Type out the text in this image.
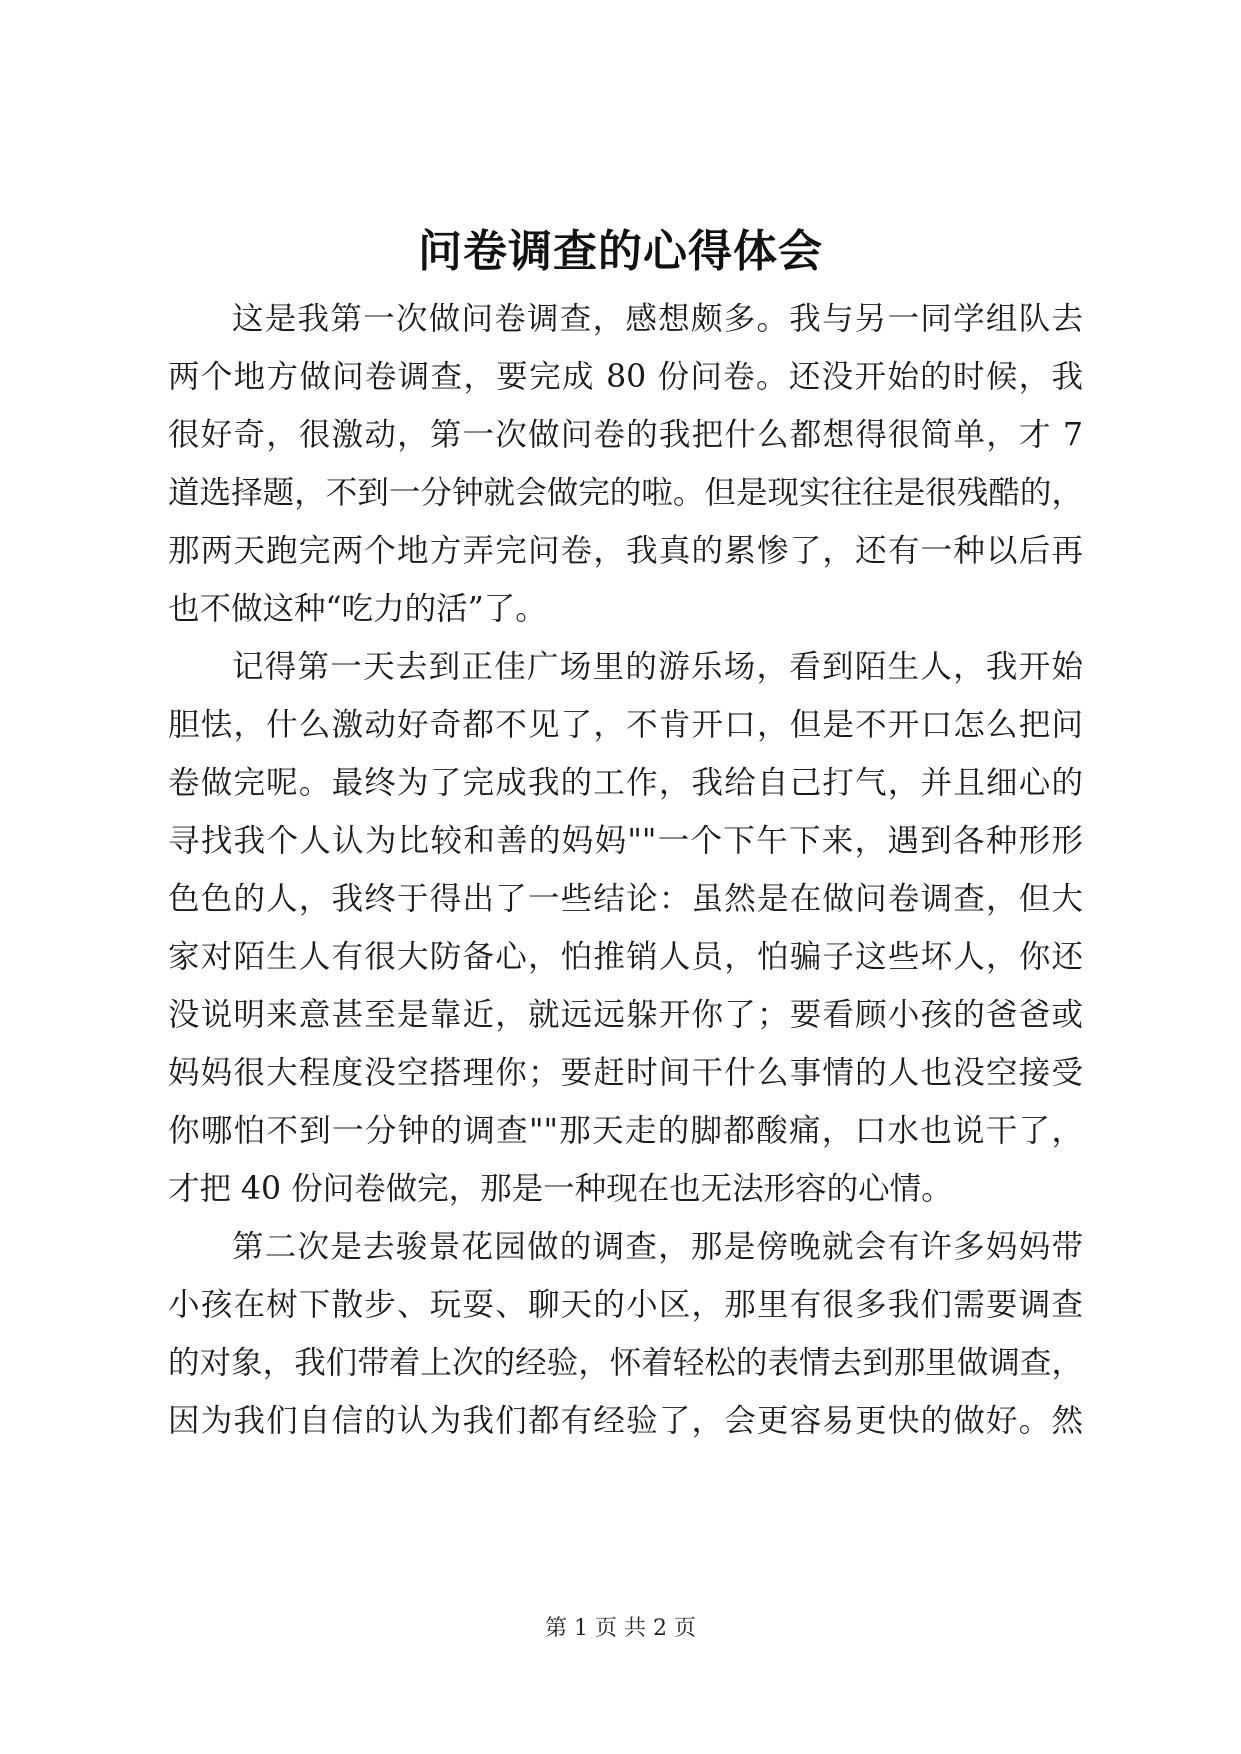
问卷调查的心得体会
这是我第一次做问卷调查，感想颇多。我与另一同学组队去
两个地方做问卷调查，要完成 80 份问卷。还没开始的时候，我
很好奇，很激动，第一次做问卷的我把什么都想得很简单，才 7
道选择题，不到一分钟就会做完的啦。但是现实往往是很残酷的，
那两天跑完两个地方弄完问卷，我真的累惨了，还有一种以后再
也不做这种“吃力的活”了。
记得第一天去到正佳广场里的游乐场，看到陌生人，我开始
胆怯，什么激动好奇都不见了，不肯开口，但是不开口怎么把问
卷做完呢。最终为了完成我的工作，我给自己打气，并且细心的
寻找我个人认为比较和善的妈妈""一个下午下来，遇到各种形形
色色的人，我终于得出了一些结论：虽然是在做问卷调查，但大
家对陌生人有很大防备心，怕推销人员，怕骗子这些坏人，你还
没说明来意甚至是靠近，就远远躲开你了；要看顾小孩的爸爸或
妈妈很大程度没空搭理你；要赶时间干什么事情的人也没空接受
你哪怕不到一分钟的调查""那天走的脚都酸痛，口水也说干了，
才把 40 份问卷做完，那是一种现在也无法形容的心情。
第二次是去骏景花园做的调查，那是傍晚就会有许多妈妈带
小孩在树下散步、玩耍、聊天的小区，那里有很多我们需要调查
的对象，我们带着上次的经验，怀着轻松的表情去到那里做调查，
因为我们自信的认为我们都有经验了，会更容易更快的做好。然
第 1 页 共 2 页
